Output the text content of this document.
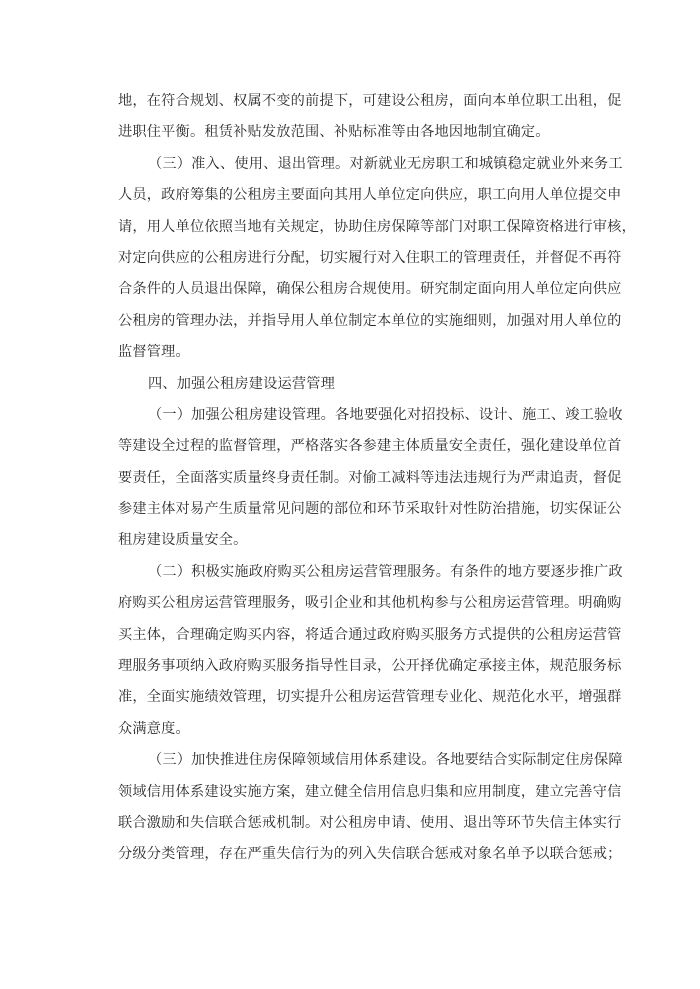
地，在符合规划、权属不变的前提下，可建设公租房，面向本单位职工出租，促
进职住平衡。租赁补贴发放范围、补贴标准等由各地因地制宜确定。
（三）准入、使用、退出管理。对新就业无房职工和城镇稳定就业外来务工
人员，政府筹集的公租房主要面向其用人单位定向供应，职工向用人单位提交申
请，用人单位依照当地有关规定，协助住房保障等部门对职工保障资格进行审核，
对定向供应的公租房进行分配，切实履行对入住职工的管理责任，并督促不再符
合条件的人员退出保障，确保公租房合规使用。研究制定面向用人单位定向供应
公租房的管理办法，并指导用人单位制定本单位的实施细则，加强对用人单位的
监督管理。
四、加强公租房建设运营管理
（一）加强公租房建设管理。各地要强化对招投标、设计、施工、竣工验收
等建设全过程的监督管理，严格落实各参建主体质量安全责任，强化建设单位首
要责任，全面落实质量终身责任制。对偷工减料等违法违规行为严肃追责，督促
参建主体对易产生质量常见问题的部位和环节采取针对性防治措施，切实保证公
租房建设质量安全。
（二）积极实施政府购买公租房运营管理服务。有条件的地方要逐步推广政
府购买公租房运营管理服务，吸引企业和其他机构参与公租房运营管理。明确购
买主体，合理确定购买内容，将适合通过政府购买服务方式提供的公租房运营管
理服务事项纳入政府购买服务指导性目录，公开择优确定承接主体，规范服务标
准，全面实施绩效管理，切实提升公租房运营管理专业化、规范化水平，增强群
众满意度。
（三）加快推进住房保障领域信用体系建设。各地要结合实际制定住房保障
领域信用体系建设实施方案，建立健全信用信息归集和应用制度，建立完善守信
联合激励和失信联合惩戒机制。对公租房申请、使用、退出等环节失信主体实行
分级分类管理，存在严重失信行为的列入失信联合惩戒对象名单予以联合惩戒；
